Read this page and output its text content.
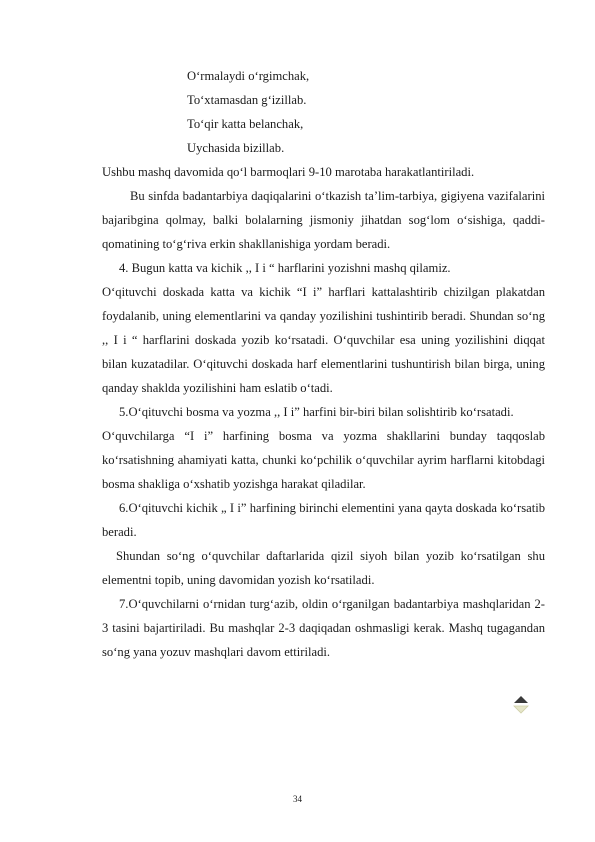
O‘rmalaydi o‘rgimchak,
To‘xtamasdan g‘izillab.
To‘qir katta belanchak,
Uychasida bizillab.

Ushbu mashq davomida qo‘l barmoqlari 9-10 marotaba harakatlantiriladi.

Bu sinfda badantarbiya daqiqalarini o‘tkazish ta’lim-tarbiya, gigiyena vazifalarini bajaribgina qolmay, balki bolalarning jismoniy jihatdan sog‘lom o‘sishiga, qaddi- qomatining to‘g‘riva erkin shakllanishiga yordam beradi.

4. Bugun katta va kichik ,, I i “ harflarini yozishni mashq qilamiz.

O‘qituvchi doskada katta va kichik “I i” harflari kattalashtirib chizilgan plakatdan foydalanib, uning elementlarini va qanday yozilishini tushintirib beradi. Shundan so‘ng ,, I i “ harflarini doskada yozib ko‘rsatadi. O‘quvchilar esa uning yozilishini diqqat bilan kuzatadilar. O‘qituvchi doskada harf elementlarini tushuntirish bilan birga, uning qanday shaklda yozilishini ham eslatib o‘tadi.

5.O‘qituvchi bosma va yozma ,, I i” harfini bir-biri bilan solishtirib ko‘rsatadi.

O‘quvchilarga “I i” harfining bosma va yozma shakllarini bunday taqqoslab ko‘rsatishning ahamiyati katta, chunki ko‘pchilik o‘quvchilar ayrim harflarni kitobdagi bosma shakliga o‘xshatib yozishga harakat qiladilar.

6.O‘qituvchi kichik „ I i” harfining birinchi elementini yana qayta doskada ko‘rsatib beradi.

Shundan so‘ng o‘quvchilar daftarlarida qizil siyoh bilan yozib ko‘rsatilgan shu elementni topib, uning davomidan yozish ko‘rsatiladi.

7.O‘quvchilarni o‘rnidan turg‘azib, oldin o‘rganilgan badantarbiya mashqlaridan 2-3 tasini bajartiriladi. Bu mashqlar 2-3 daqiqadan oshmasligi kerak. Mashq tugagandan so‘ng yana yozuv mashqlari davom ettiriladi.

34
